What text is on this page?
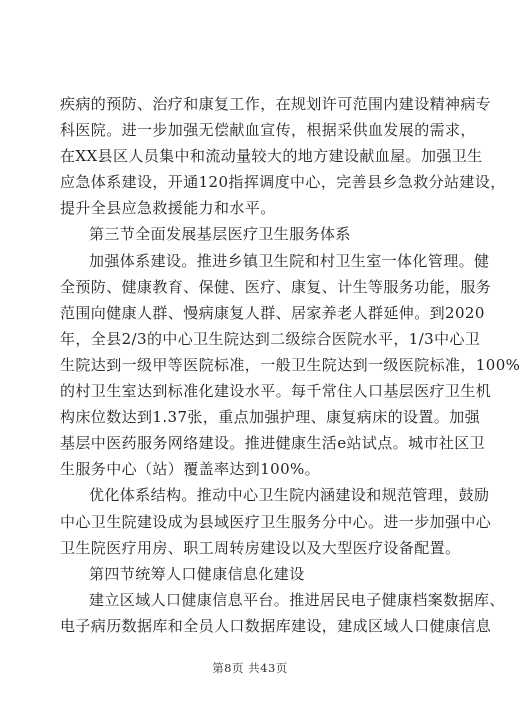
疾病的预防、治疗和康复工作，在规划许可范围内建设精神病专
科医院。进一步加强无偿献血宣传，根据采供血发展的需求，
在XX县区人员集中和流动量较大的地方建设献血屋。加强卫生
应急体系建设，开通120指挥调度中心，完善县乡急救分站建设，
提升全县应急救援能力和水平。
第三节全面发展基层医疗卫生服务体系
加强体系建设。推进乡镇卫生院和村卫生室一体化管理。健
全预防、健康教育、保健、医疗、康复、计生等服务功能，服务
范围向健康人群、慢病康复人群、居家养老人群延伸。到2020
年，全县2/3的中心卫生院达到二级综合医院水平，1/3中心卫
生院达到一级甲等医院标准，一般卫生院达到一级医院标准，100%
的村卫生室达到标准化建设水平。每千常住人口基层医疗卫生机
构床位数达到1.37张，重点加强护理、康复病床的设置。加强
基层中医药服务网络建设。推进健康生活e站试点。城市社区卫
生服务中心（站）覆盖率达到100%。
优化体系结构。推动中心卫生院内涵建设和规范管理，鼓励
中心卫生院建设成为县域医疗卫生服务分中心。进一步加强中心
卫生院医疗用房、职工周转房建设以及大型医疗设备配置。
第四节统筹人口健康信息化建设
建立区域人口健康信息平台。推进居民电子健康档案数据库、
电子病历数据库和全员人口数据库建设，建成区域人口健康信息
第8页 共43页
